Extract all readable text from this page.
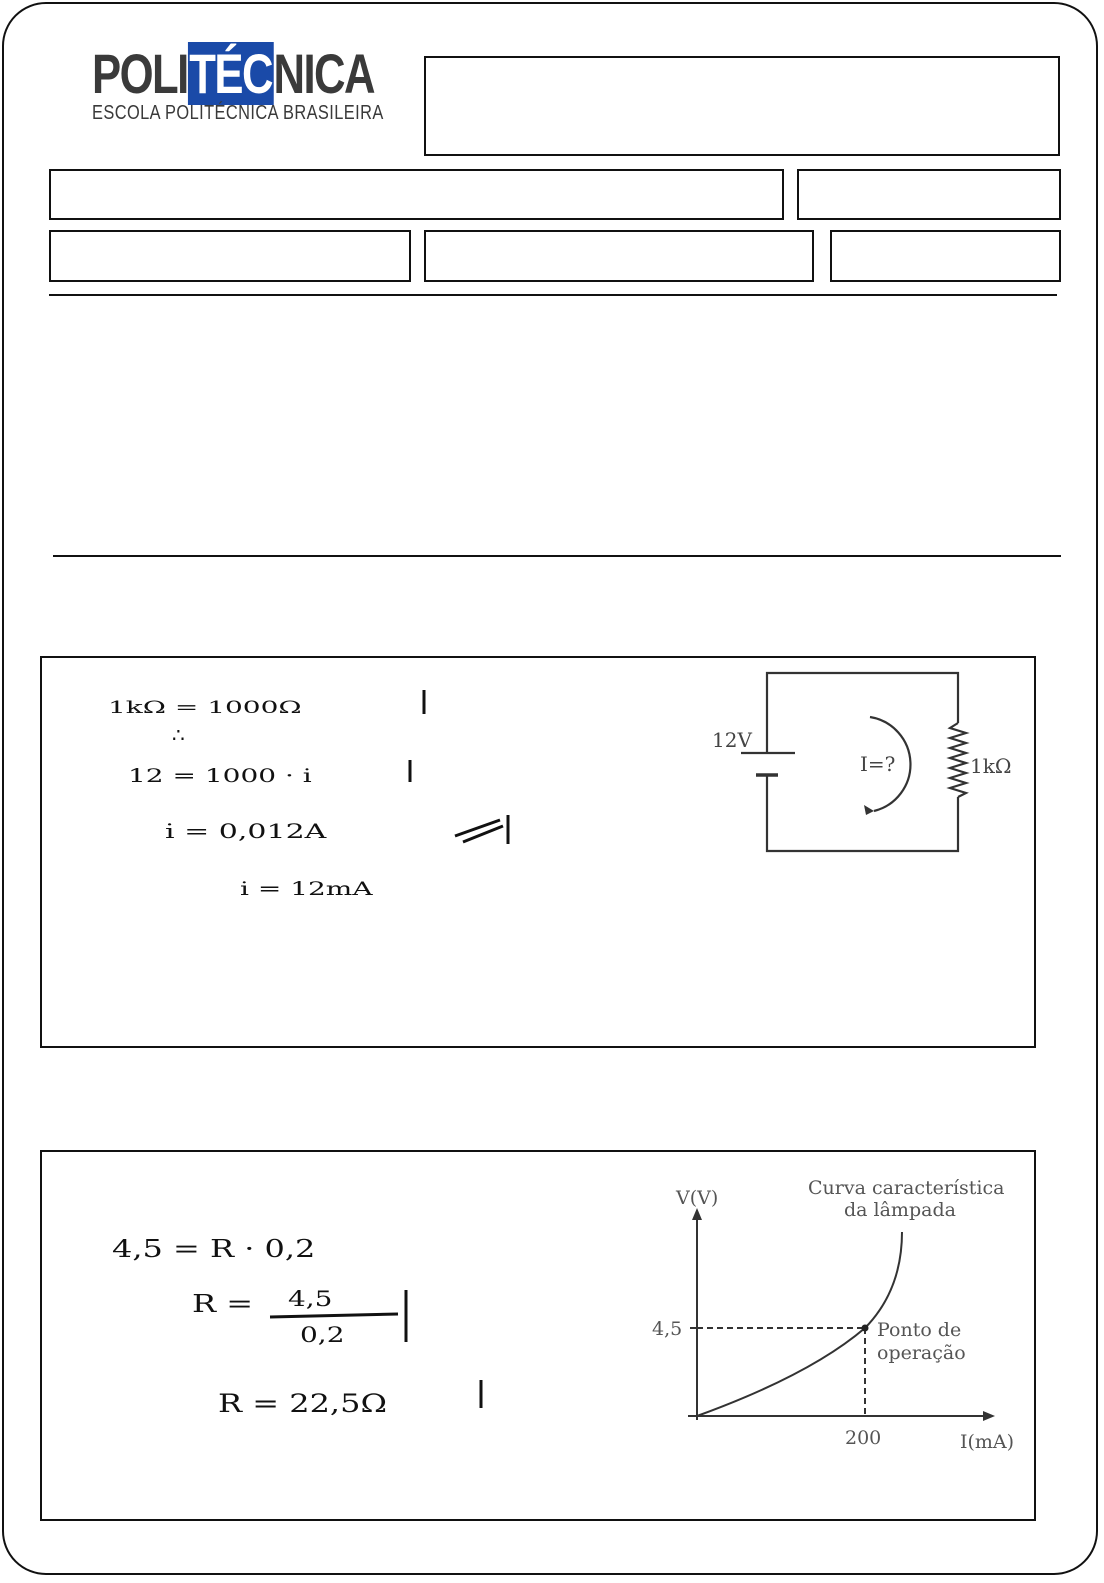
POLITÉCNICA
ESCOLA POLITÉCNICA BRASILEIRA
1kΩ = 1000Ω
∴
12 = 1000 · i
i = 0,012A
i = 12mA
12V
I=?	1kΩ
4,5 = R · 0,2
R = 4,5
0,2
R = 22,5Ω
V(V)
I(mA)
Curva característica
da lâmpada
4,5
200
Ponto de
operação
